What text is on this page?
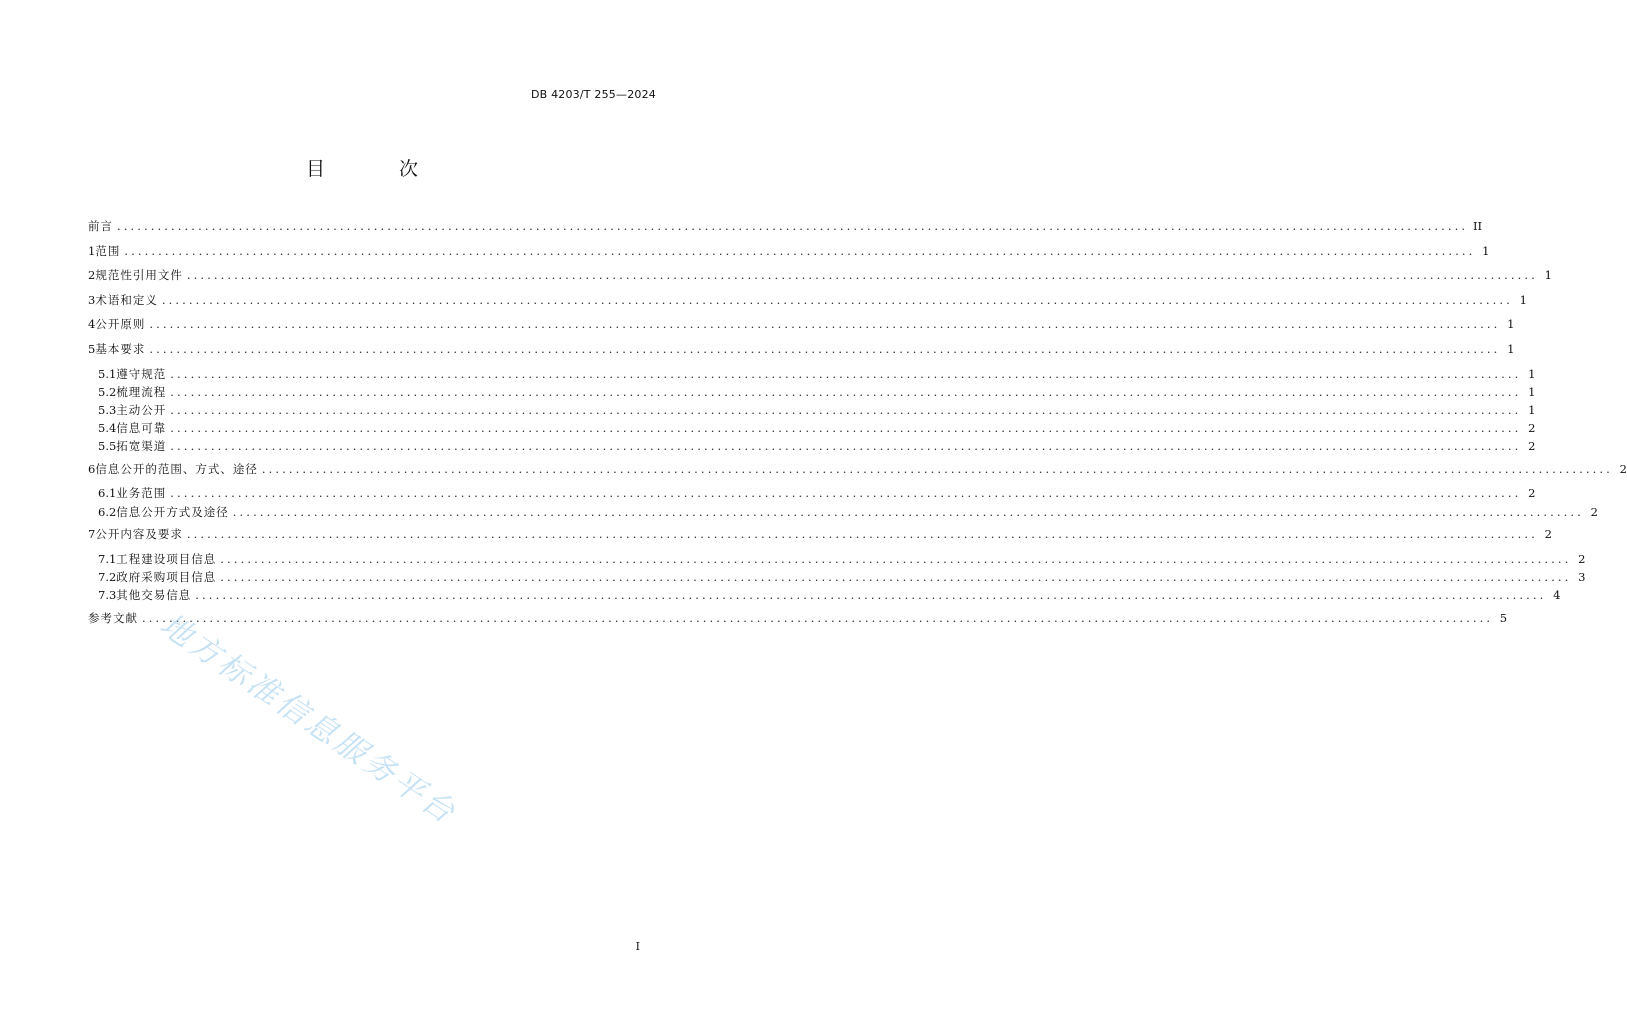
DB 4203/T 255—2024
目 次
前言 ........................................................................................................................................................................................................ II
1 范围 ........................................................................................................................................................................................................ 1
2 规范性引用文件 ........................................................................................................................................................................................................ 1
3 术语和定义 ........................................................................................................................................................................................................ 1
4 公开原则 ........................................................................................................................................................................................................ 1
5 基本要求 ........................................................................................................................................................................................................ 1
5.1 遵守规范 ........................................................................................................................................................................................................ 1
5.2 梳理流程 ........................................................................................................................................................................................................ 1
5.3 主动公开 ........................................................................................................................................................................................................ 1
5.4 信息可靠 ........................................................................................................................................................................................................ 2
5.5 拓宽渠道 ........................................................................................................................................................................................................ 2
6 信息公开的范围、方式、途径 ........................................................................................................................................................................................................ 2
6.1 业务范围 ........................................................................................................................................................................................................ 2
6.2 信息公开方式及途径 ........................................................................................................................................................................................................ 2
7 公开内容及要求 ........................................................................................................................................................................................................ 2
7.1 工程建设项目信息 ........................................................................................................................................................................................................ 2
7.2 政府采购项目信息 ........................................................................................................................................................................................................ 3
7.3 其他交易信息 ........................................................................................................................................................................................................ 4
参考文献 ........................................................................................................................................................................................................ 5
地方标准信息服务平台
I
